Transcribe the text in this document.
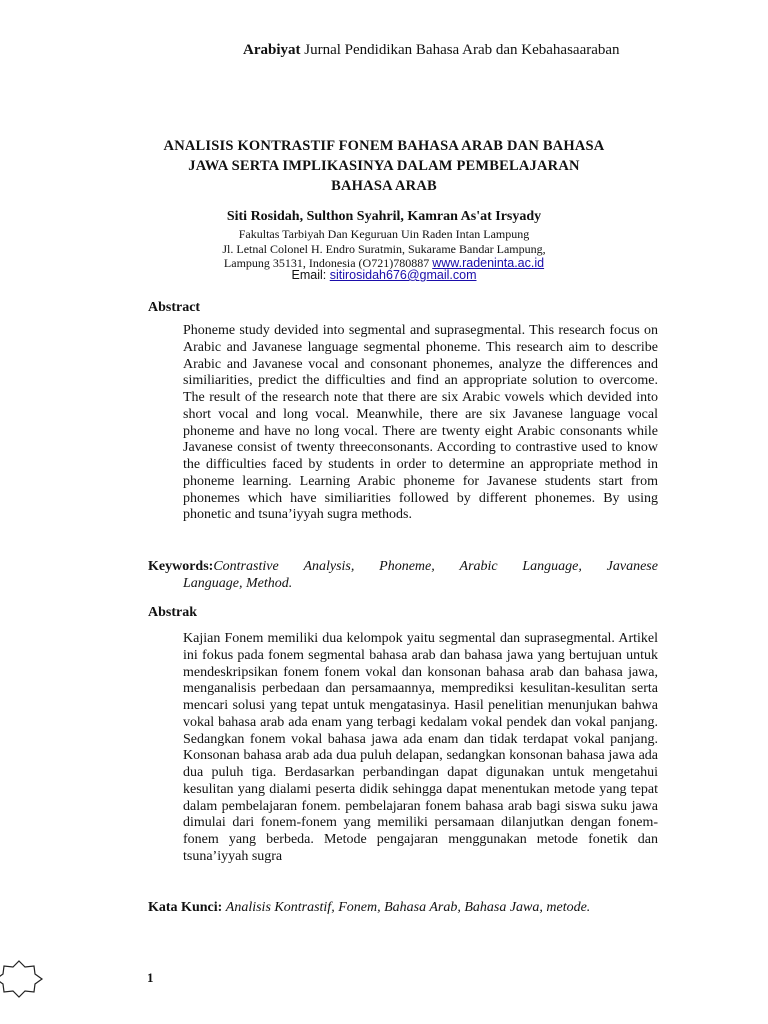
Arabiyat Jurnal Pendidikan Bahasa Arab dan Kebahasaaraban
ANALISIS KONTRASTIF FONEM BAHASA ARAB DAN BAHASA
JAWA SERTA IMPLIKASINYA DALAM PEMBELAJARAN
BAHASA ARAB
Siti Rosidah, Sulthon Syahril, Kamran As'at Irsyady
Fakultas Tarbiyah Dan Keguruan Uin Raden Intan Lampung
Jl. Letnal Colonel H. Endro Suratmin, Sukarame Bandar Lampung,
Lampung 35131, Indonesia (O721)780887 www.radeninta.ac.id
Email: sitirosidah676@gmail.com
Abstract
Phoneme study devided into segmental and suprasegmental. This research focus on Arabic and Javanese language segmental phoneme. This research aim to describe Arabic and Javanese vocal and consonant phonemes, analyze the differences and similiarities, predict the difficulties and find an appropriate solution to overcome. The result of the research note that there are six Arabic vowels which devided into short vocal and long vocal. Meanwhile, there are six Javanese language vocal phoneme and have no long vocal. There are twenty eight Arabic consonants while Javanese consist of twenty threeconsonants. According to contrastive used to know the difficulties faced by students in order to determine an appropriate method in phoneme learning. Learning Arabic phoneme for Javanese students start from phonemes which have similiarities followed by different phonemes. By using phonetic and tsuna’iyyah sugra methods.
Keywords:Contrastive Analysis, Phoneme, Arabic Language, Javanese
Language, Method.
Abstrak
Kajian Fonem memiliki dua kelompok yaitu segmental dan suprasegmental. Artikel ini fokus pada fonem segmental bahasa arab dan bahasa jawa yang bertujuan untuk mendeskripsikan fonem fonem vokal dan konsonan bahasa arab dan bahasa jawa, menganalisis perbedaan dan persamaannya, memprediksi kesulitan-kesulitan serta mencari solusi yang tepat untuk mengatasinya. Hasil penelitian menunjukan bahwa vokal bahasa arab ada enam yang terbagi kedalam vokal pendek dan vokal panjang. Sedangkan fonem vokal bahasa jawa ada enam dan tidak terdapat vokal panjang. Konsonan bahasa arab ada dua puluh delapan, sedangkan konsonan bahasa jawa ada dua puluh tiga. Berdasarkan perbandingan dapat digunakan untuk mengetahui kesulitan yang dialami peserta didik sehingga dapat menentukan metode yang tepat dalam pembelajaran fonem. pembelajaran fonem bahasa arab bagi siswa suku jawa dimulai dari fonem-fonem yang memiliki persamaan dilanjutkan dengan fonem-fonem yang berbeda. Metode pengajaran menggunakan metode fonetik dan tsuna’iyyah sugra
Kata Kunci: Analisis Kontrastif, Fonem, Bahasa Arab, Bahasa Jawa, metode.
1
